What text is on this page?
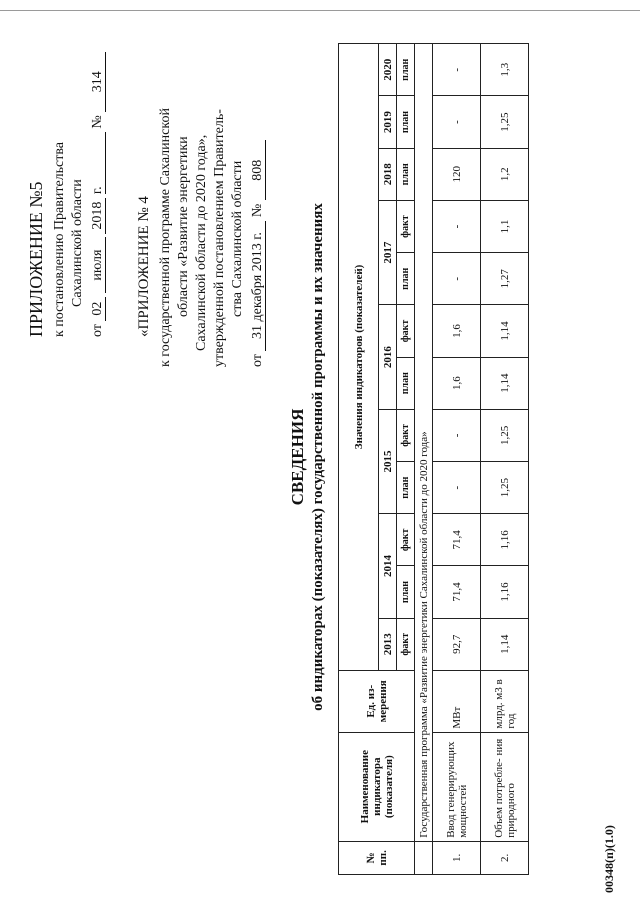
ПРИЛОЖЕНИЕ №5 к постановлению Правительства Сахалинской области
от 02 июля 2018 г. № 314
«ПРИЛОЖЕНИЕ № 4 к государственной программе Сахалинской области «Развитие энергетики Сахалинской области до 2020 года», утвержденной постановлением Правитель- ства Сахалинской области
от 31 декабря 2013 г. № 808
СВЕДЕНИЯ об индикаторах (показателях) государственной программы и их значениях
№ пп.	Наименование индикатора (показателя)	Ед. из- мерения	Значения индикаторов (показателей)											
			2013	2014		2015		2016		2017		2018	2019	2020
			факт	план	факт	план	факт	план	факт	план	факт	план	план	план
	Государственная программа «Развитие энергетики Сахалинской области до 2020 года»													
1.	Ввод генерирующих мощностей	МВт	92,7	71,4	71,4	-	-	1,6	1,6	-	-	120	-	-
2.	Объем потребле- ния природного	млрд. м3 в год	1,14	1,16	1,16	1,25	1,25	1,14	1,14	1,27	1,1	1,2	1,25	1,3
00348(п)(1.0)
